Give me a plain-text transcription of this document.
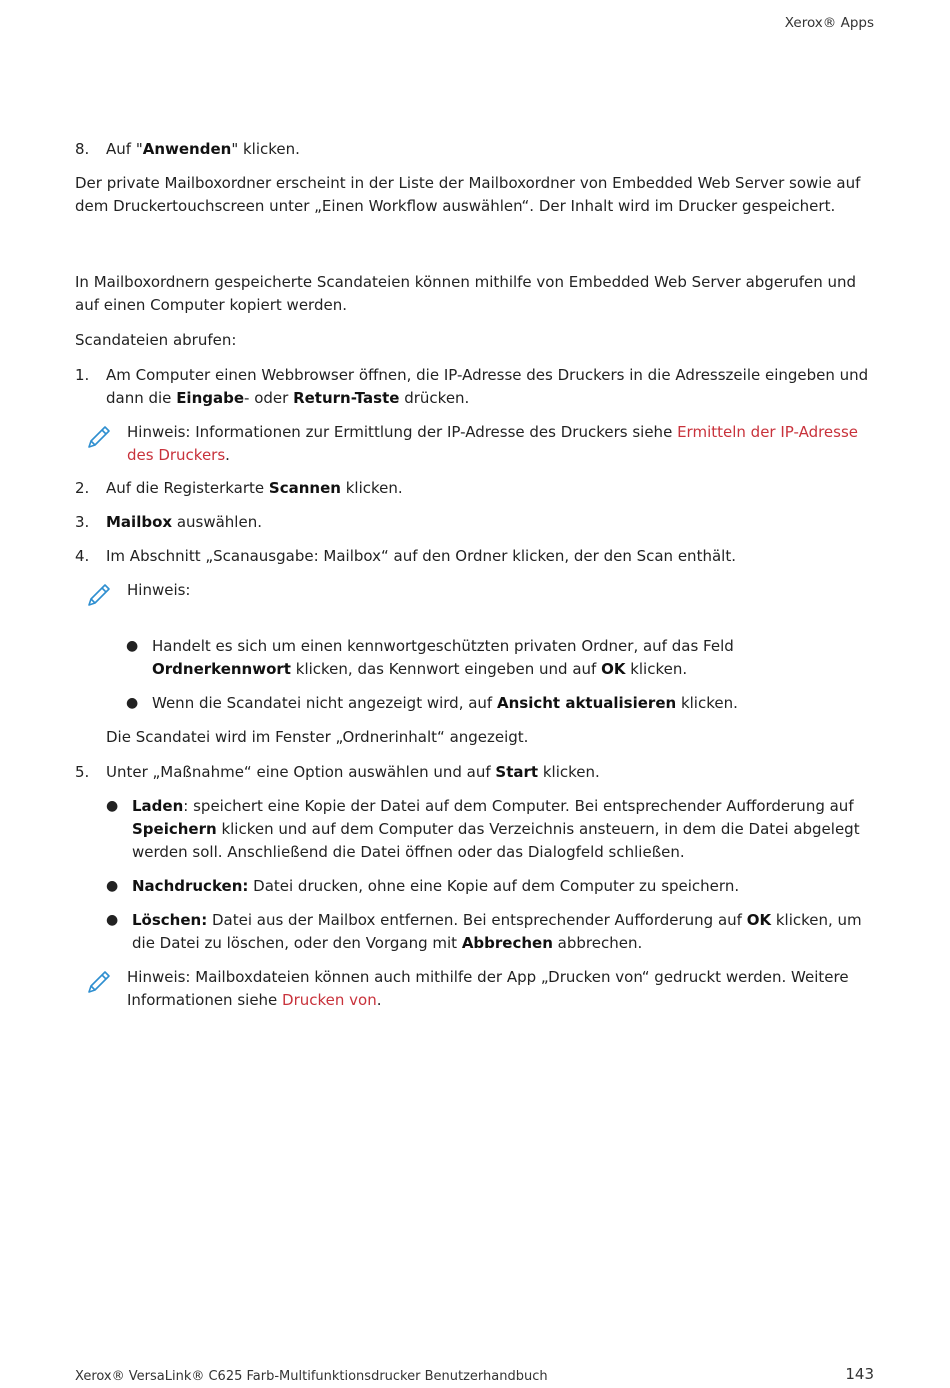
Xerox® Apps
8.	Auf "Anwenden" klicken.

Der private Mailboxordner erscheint in der Liste der Mailboxordner von Embedded Web Server sowie auf dem Druckertouchscreen unter „Einen Workflow auswählen“. Der Inhalt wird im Drucker gespeichert.

In Mailboxordnern gespeicherte Scandateien können mithilfe von Embedded Web Server abgerufen und auf einen Computer kopiert werden.

Scandateien abrufen:

1.	Am Computer einen Webbrowser öffnen, die IP-Adresse des Druckers in die Adresszeile eingeben und dann die Eingabe- oder Return-Taste drücken.
Hinweis: Informationen zur Ermittlung der IP-Adresse des Druckers siehe Ermitteln der IP-Adresse des Druckers.
2.	Auf die Registerkarte Scannen klicken.
3.	Mailbox auswählen.
4.	Im Abschnitt „Scanausgabe: Mailbox“ auf den Ordner klicken, der den Scan enthält.
Hinweis:
● Handelt es sich um einen kennwortgeschützten privaten Ordner, auf das Feld Ordnerkennwort klicken, das Kennwort eingeben und auf OK klicken.
● Wenn die Scandatei nicht angezeigt wird, auf Ansicht aktualisieren klicken.

Die Scandatei wird im Fenster „Ordnerinhalt“ angezeigt.

5.	Unter „Maßnahme“ eine Option auswählen und auf Start klicken.
● Laden: speichert eine Kopie der Datei auf dem Computer. Bei entsprechender Aufforderung auf Speichern klicken und auf dem Computer das Verzeichnis ansteuern, in dem die Datei abgelegt werden soll. Anschließend die Datei öffnen oder das Dialogfeld schließen.
● Nachdrucken: Datei drucken, ohne eine Kopie auf dem Computer zu speichern.
● Löschen: Datei aus der Mailbox entfernen. Bei entsprechender Aufforderung auf OK klicken, um die Datei zu löschen, oder den Vorgang mit Abbrechen abbrechen.
Hinweis: Mailboxdateien können auch mithilfe der App „Drucken von“ gedruckt werden. Weitere Informationen siehe Drucken von.
Xerox® VersaLink® C625 Farb-Multifunktionsdrucker Benutzerhandbuch	143
